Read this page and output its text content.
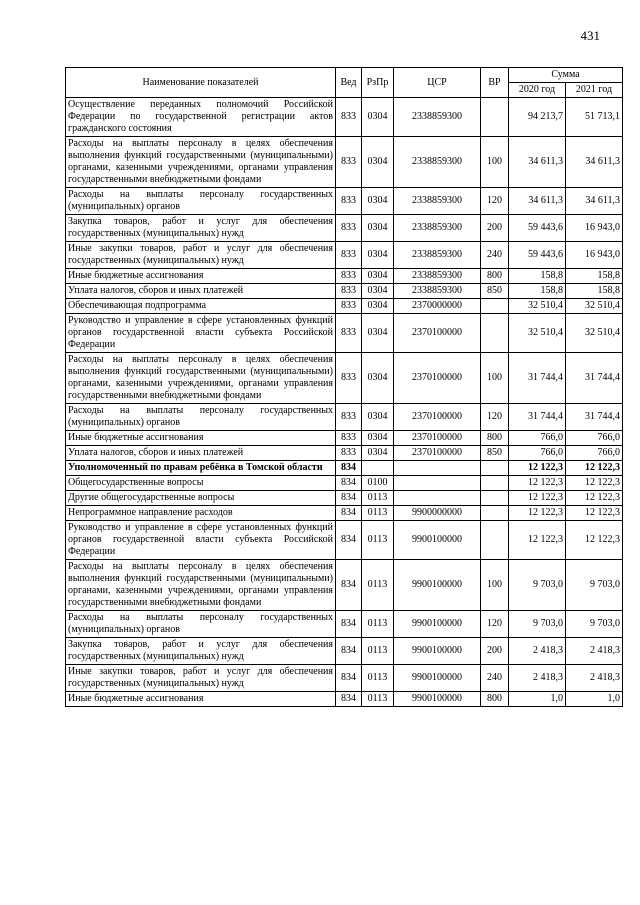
431
Наименование показателей	Вед	РзПр	ЦСР	ВР	Сумма	
					2020 год	2021 год
Осуществление переданных полномочий Российской Федерации по государственной регистрации актов гражданского состояния	833	0304	2338859300		94 213,7	51 713,1
Расходы на выплаты персоналу в целях обеспечения выполнения функций государственными (муниципальными) органами, казенными учреждениями, органами управления государственными внебюджетными фондами	833	0304	2338859300	100	34 611,3	34 611,3
Расходы на выплаты персоналу государственных (муниципальных) органов	833	0304	2338859300	120	34 611,3	34 611,3
Закупка товаров, работ и услуг для обеспечения государственных (муниципальных) нужд	833	0304	2338859300	200	59 443,6	16 943,0
Иные закупки товаров, работ и услуг для обеспечения государственных (муниципальных) нужд	833	0304	2338859300	240	59 443,6	16 943,0
Иные бюджетные ассигнования	833	0304	2338859300	800	158,8	158,8
Уплата налогов, сборов и иных платежей	833	0304	2338859300	850	158,8	158,8
Обеспечивающая подпрограмма	833	0304	2370000000		32 510,4	32 510,4
Руководство и управление в сфере установленных функций органов государственной власти субъекта Российской Федерации	833	0304	2370100000		32 510,4	32 510,4
Расходы на выплаты персоналу в целях обеспечения выполнения функций государственными (муниципальными) органами, казенными учреждениями, органами управления государственными внебюджетными фондами	833	0304	2370100000	100	31 744,4	31 744,4
Расходы на выплаты персоналу государственных (муниципальных) органов	833	0304	2370100000	120	31 744,4	31 744,4
Иные бюджетные ассигнования	833	0304	2370100000	800	766,0	766,0
Уплата налогов, сборов и иных платежей	833	0304	2370100000	850	766,0	766,0
Уполномоченный по правам ребёнка в Томской области	834				12 122,3	12 122,3
Общегосударственные вопросы	834	0100			12 122,3	12 122,3
Другие общегосударственные вопросы	834	0113			12 122,3	12 122,3
Непрограммное направление расходов	834	0113	9900000000		12 122,3	12 122,3
Руководство и управление в сфере установленных функций органов государственной власти субъекта Российской Федерации	834	0113	9900100000		12 122,3	12 122,3
Расходы на выплаты персоналу в целях обеспечения выполнения функций государственными (муниципальными) органами, казенными учреждениями, органами управления государственными внебюджетными фондами	834	0113	9900100000	100	9 703,0	9 703,0
Расходы на выплаты персоналу государственных (муниципальных) органов	834	0113	9900100000	120	9 703,0	9 703,0
Закупка товаров, работ и услуг для обеспечения государственных (муниципальных) нужд	834	0113	9900100000	200	2 418,3	2 418,3
Иные закупки товаров, работ и услуг для обеспечения государственных (муниципальных) нужд	834	0113	9900100000	240	2 418,3	2 418,3
Иные бюджетные ассигнования	834	0113	9900100000	800	1,0	1,0
